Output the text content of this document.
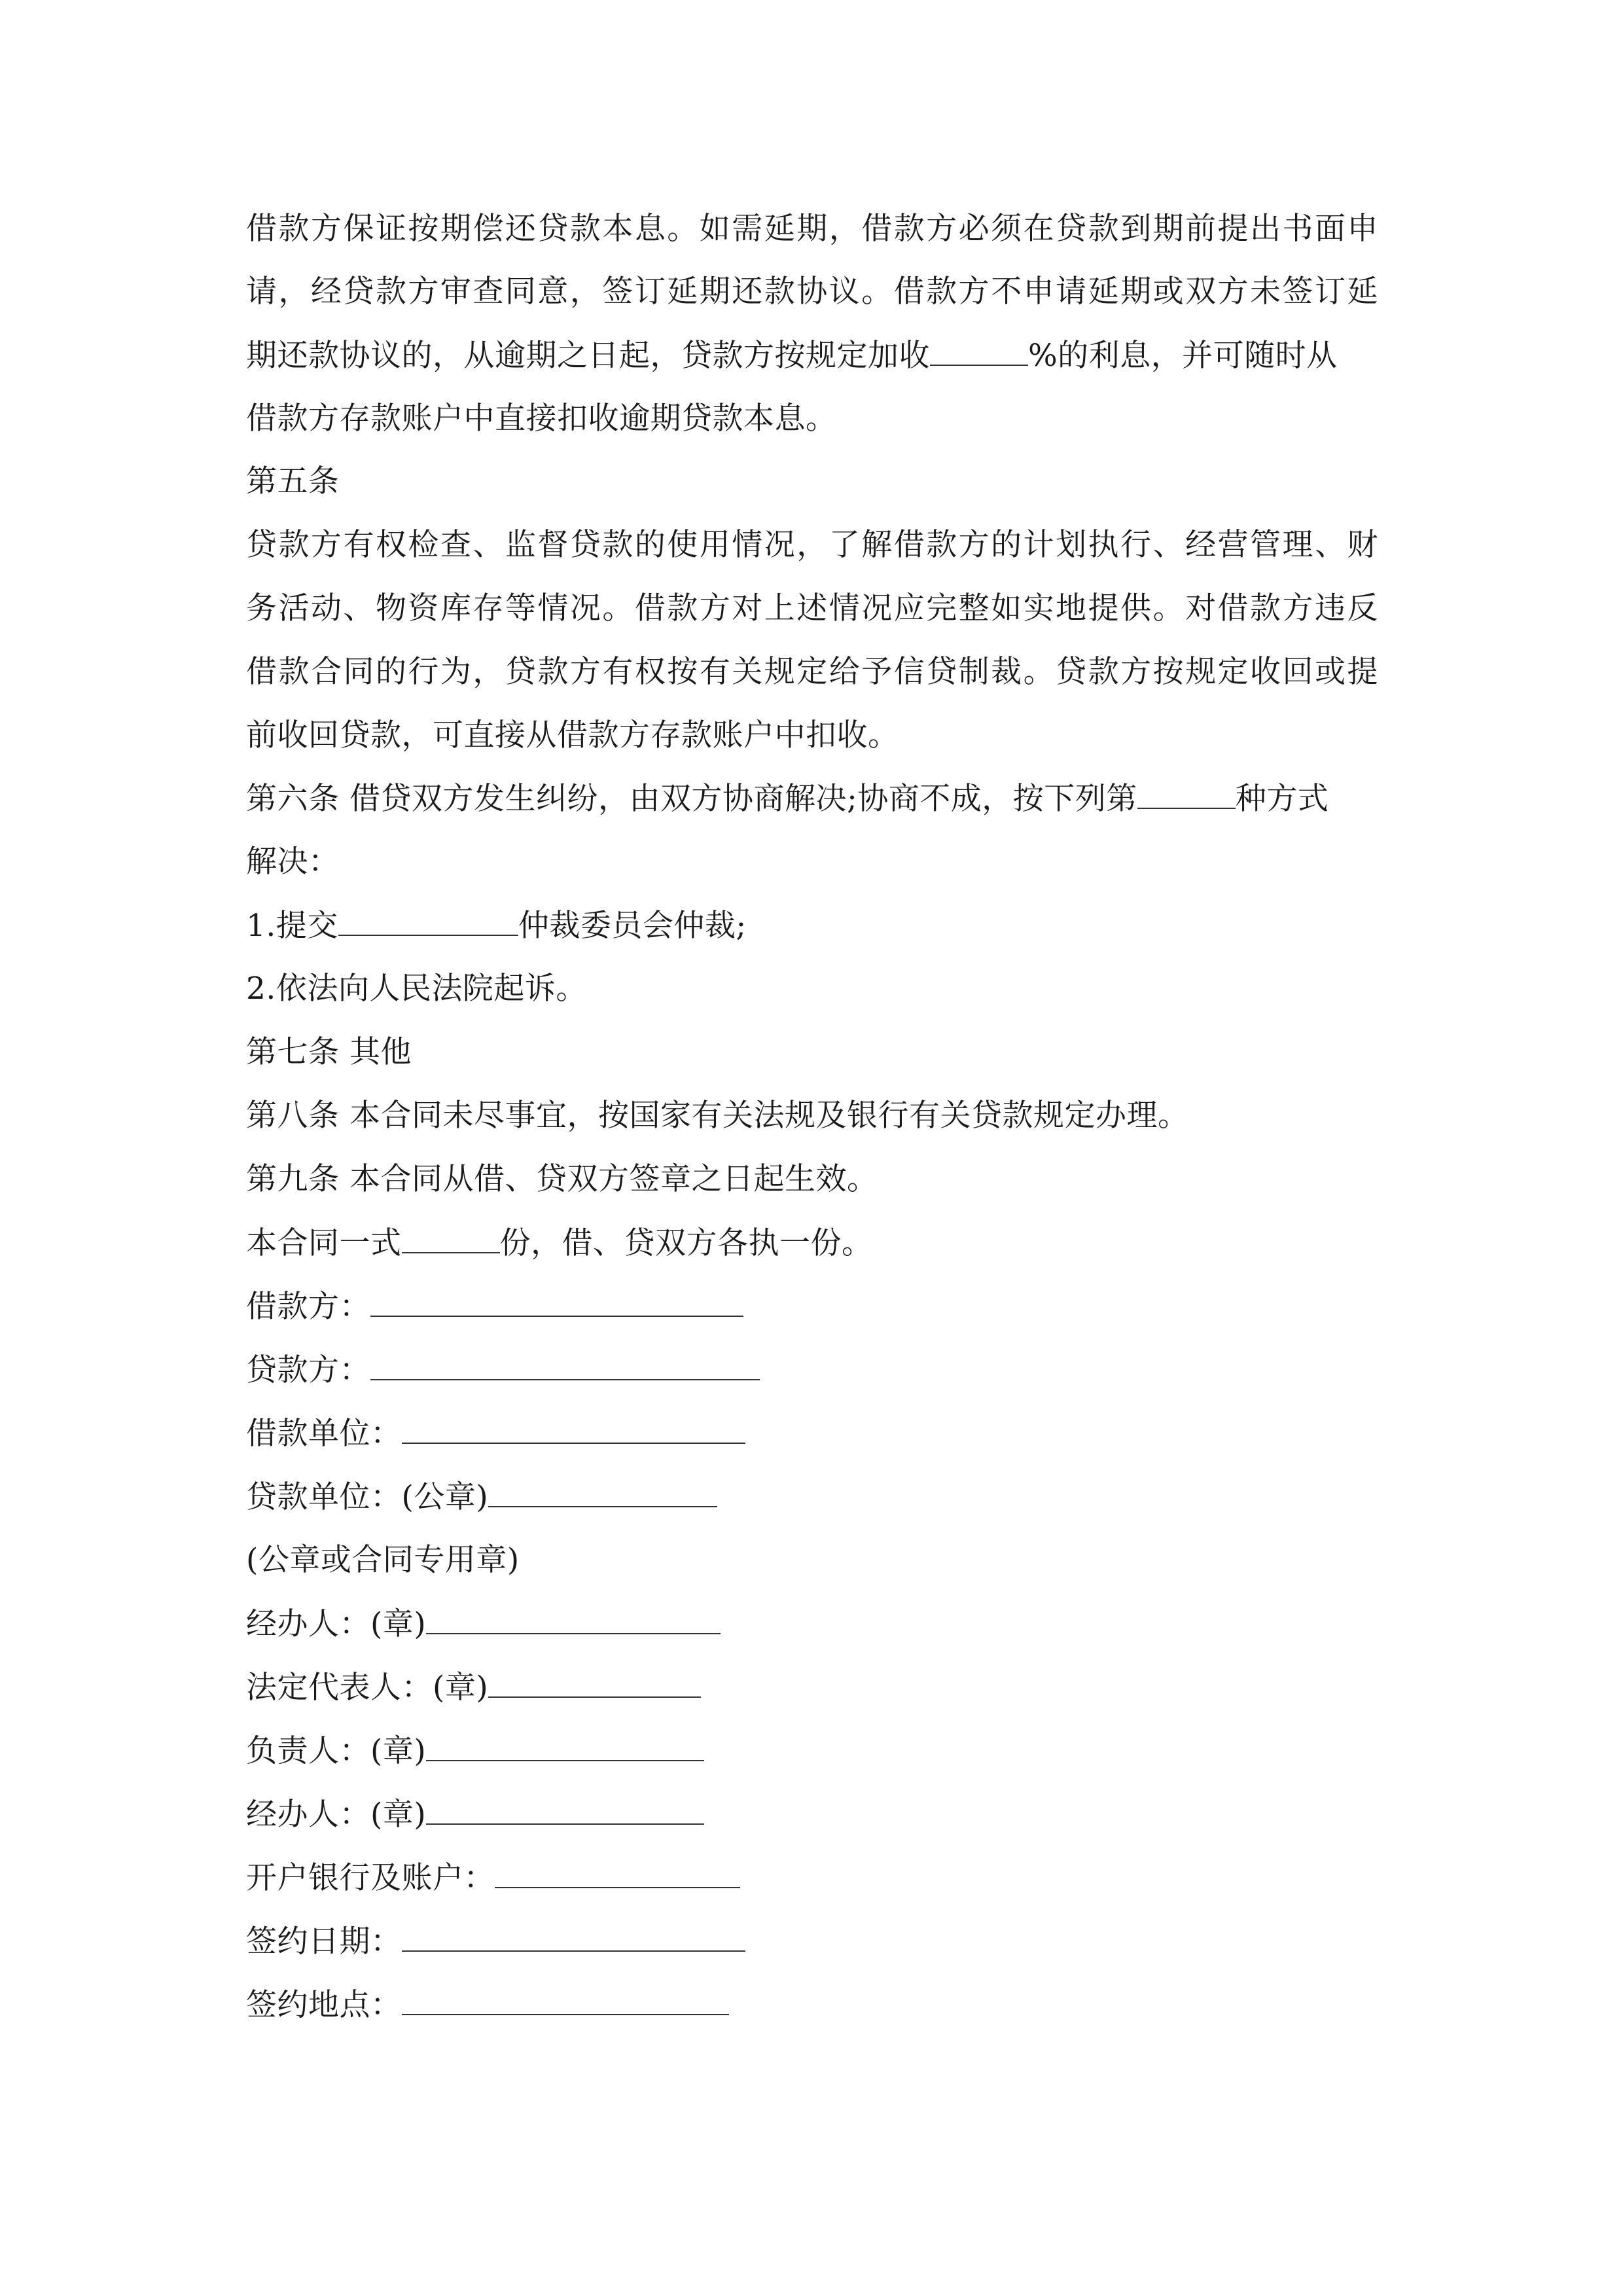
借款方保证按期偿还贷款本息。如需延期，借款方必须在贷款到期前提出书面申
请，经贷款方审查同意，签订延期还款协议。借款方不申请延期或双方未签订延
期还款协议的，从逾期之日起，贷款方按规定加收	%的利息，并可随时从
借款方存款账户中直接扣收逾期贷款本息。
第五条
贷款方有权检查、监督贷款的使用情况，了解借款方的计划执行、经营管理、财
务活动、物资库存等情况。借款方对上述情况应完整如实地提供。对借款方违反
借款合同的行为，贷款方有权按有关规定给予信贷制裁。贷款方按规定收回或提
前收回贷款，可直接从借款方存款账户中扣收。
第六条 借贷双方发生纠纷，由双方协商解决;协商不成，按下列第	种方式
解决：
1.提交	仲裁委员会仲裁;
2.依法向人民法院起诉。
第七条 其他
第八条 本合同未尽事宜，按国家有关法规及银行有关贷款规定办理。
第九条 本合同从借、贷双方签章之日起生效。
本合同一式	份，借、贷双方各执一份。
借款方：
贷款方：
借款单位：
贷款单位：(公章)
(公章或合同专用章)
经办人：(章)
法定代表人：(章)
负责人：(章)
经办人：(章)
开户银行及账户：
签约日期：
签约地点：
